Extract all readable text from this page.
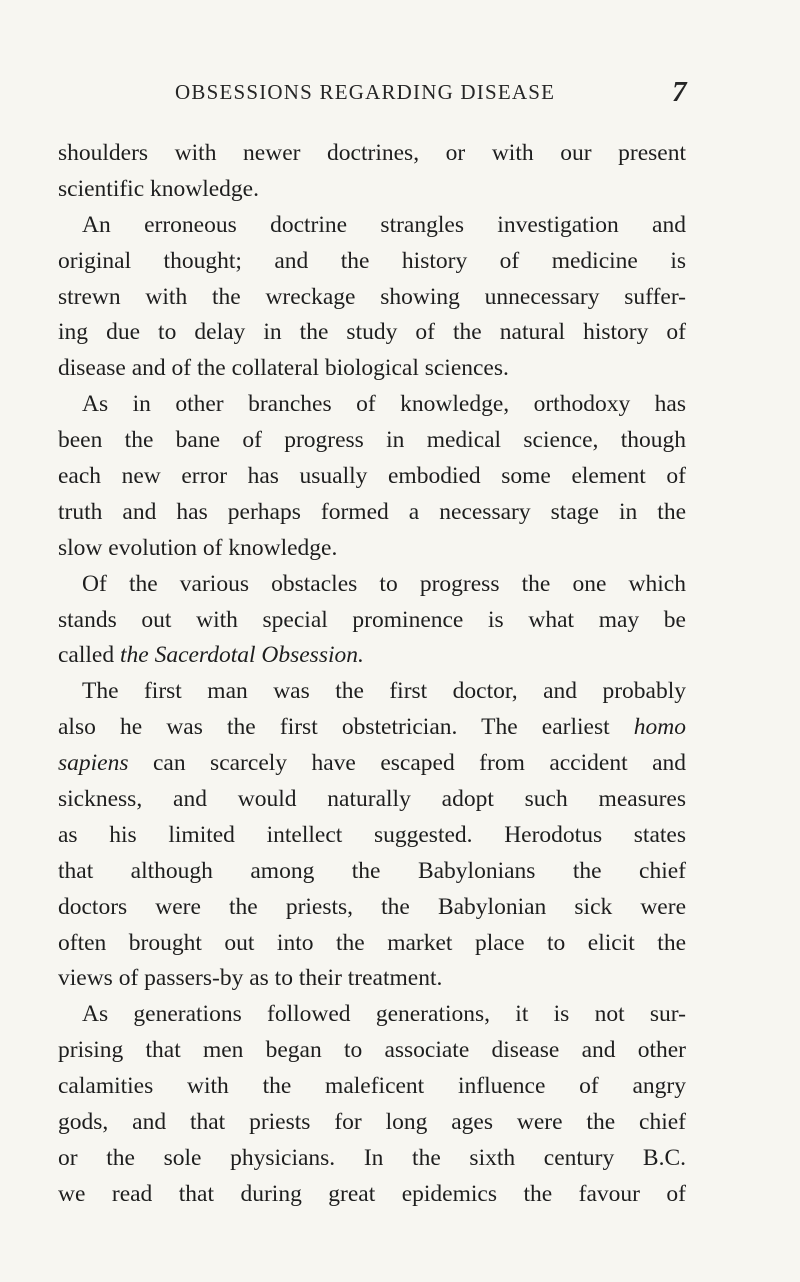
OBSESSIONS REGARDING DISEASE	7
shoulders with newer doctrines, or with our present
scientific knowledge.
An erroneous doctrine strangles investigation and
original thought; and the history of medicine is
strewn with the wreckage showing unnecessary suffer-
ing due to delay in the study of the natural history of
disease and of the collateral biological sciences.
As in other branches of knowledge, orthodoxy has
been the bane of progress in medical science, though
each new error has usually embodied some element of
truth and has perhaps formed a necessary stage in the
slow evolution of knowledge.
Of the various obstacles to progress the one which
stands out with special prominence is what may be
called the Sacerdotal Obsession.
The first man was the first doctor, and probably
also he was the first obstetrician. The earliest homo
sapiens can scarcely have escaped from accident and
sickness, and would naturally adopt such measures
as his limited intellect suggested. Herodotus states
that although among the Babylonians the chief
doctors were the priests, the Babylonian sick were
often brought out into the market place to elicit the
views of passers-by as to their treatment.
As generations followed generations, it is not sur-
prising that men began to associate disease and other
calamities with the maleficent influence of angry
gods, and that priests for long ages were the chief
or the sole physicians. In the sixth century B.C.
we read that during great epidemics the favour of
